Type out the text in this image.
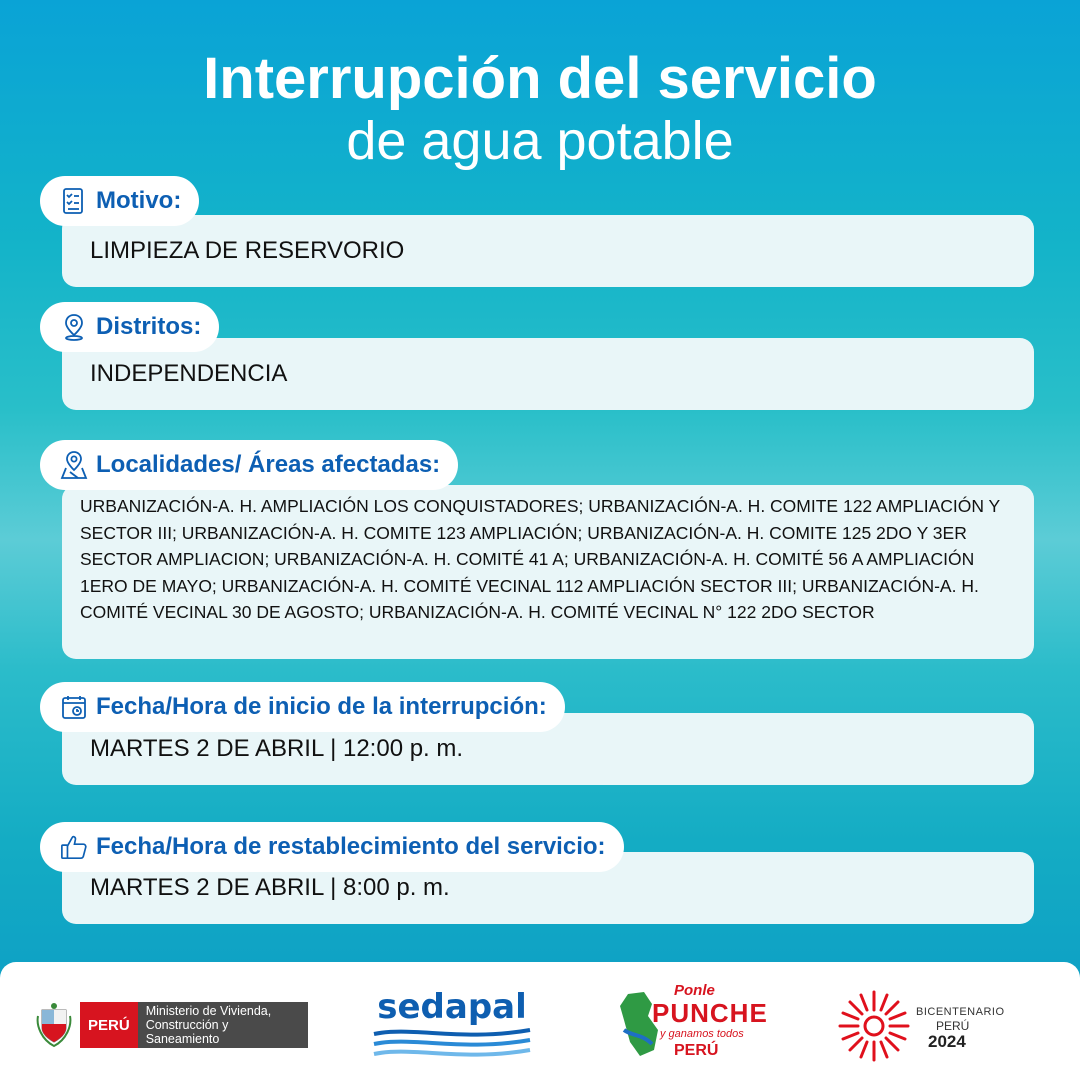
Interrupción del servicio
de agua potable
LIMPIEZA DE RESERVORIO
Motivo:
INDEPENDENCIA
Distritos:
URBANIZACIÓN-A. H. AMPLIACIÓN LOS CONQUISTADORES; URBANIZACIÓN-A. H. COMITE 122 AMPLIACIÓN Y SECTOR III; URBANIZACIÓN-A. H. COMITE 123 AMPLIACIÓN; URBANIZACIÓN-A. H. COMITE 125 2DO Y 3ER SECTOR AMPLIACION; URBANIZACIÓN-A. H. COMITÉ 41 A; URBANIZACIÓN-A. H. COMITÉ 56 A AMPLIACIÓN 1ERO DE MAYO; URBANIZACIÓN-A. H. COMITÉ VECINAL 112 AMPLIACIÓN SECTOR III; URBANIZACIÓN-A. H. COMITÉ VECINAL 30 DE AGOSTO; URBANIZACIÓN-A. H. COMITÉ VECINAL N° 122 2DO SECTOR
Localidades/ Áreas afectadas:
MARTES 2 DE ABRIL | 12:00 p. m.
Fecha/Hora de inicio de la interrupción:
MARTES 2 DE ABRIL | 8:00 p. m.
Fecha/Hora de restablecimiento del servicio:
PERÚ
Ministerio de Vivienda, Construcción y Saneamiento
sedapal	Ponle
PUNCHE
y ganamos todos
PERÚ
BICENTENARIO
PERÚ
2024
